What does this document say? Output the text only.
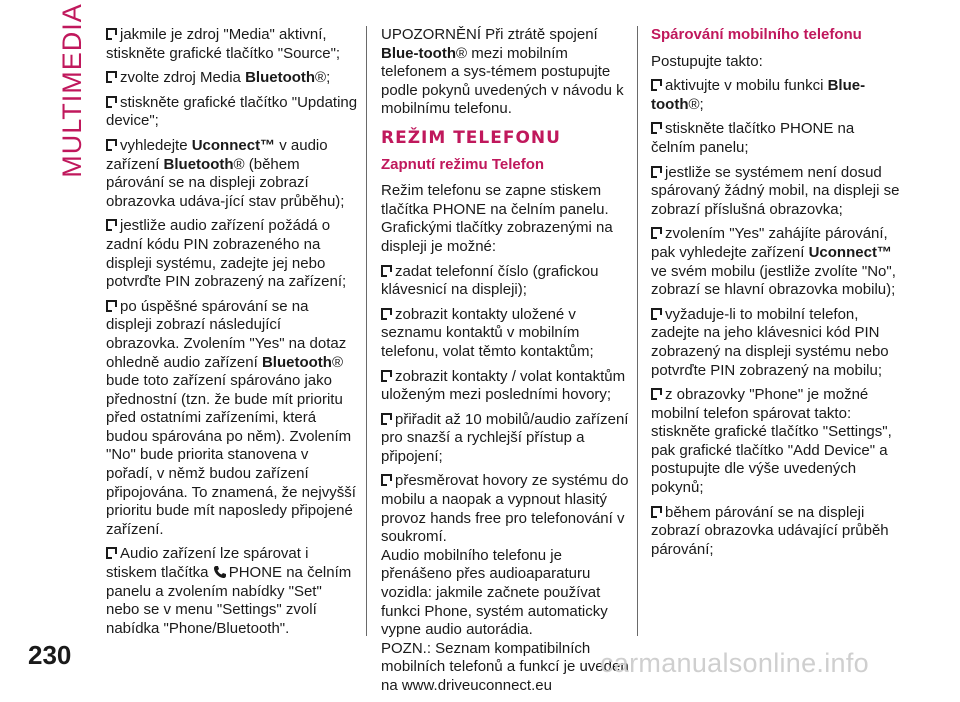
MULTIMEDIA
230

jakmile je zdroj "Media" aktivní, stiskněte grafické tlačítko "Source";

zvolte zdroj Media Bluetooth®;

stiskněte grafické tlačítko "Updating device";

vyhledejte Uconnect™ v audio zařízení Bluetooth® (během párování se na displeji zobrazí obrazovka udáva-jící stav průběhu);

jestliže audio zařízení požádá o zadní kódu PIN zobrazeného na displeji systému, zadejte jej nebo potvrďte PIN zobrazený na zařízení;

po úspěšné spárování se na displeji zobrazí následující obrazovka. Zvolením "Yes" na dotaz ohledně audio zařízení Bluetooth® bude toto zařízení spárováno jako přednostní (tzn. že bude mít prioritu před ostatními zařízeními, která budou spárována po něm). Zvolením "No" bude priorita stanovena v pořadí, v němž budou zařízení připojována. To znamená, že nejvyšší prioritu bude mít naposledy připojené zařízení.

Audio zařízení lze spárovat i stiskem tlačítka PHONE na čelním panelu a zvolením nabídky "Set" nebo se v menu "Settings" zvolí nabídka "Phone/Bluetooth".

UPOZORNĚNÍ Při ztrátě spojení Blue-tooth® mezi mobilním telefonem a sys-témem postupujte podle pokynů uvedených v návodu k mobilnímu telefonu.

REŽIM TELEFONU
Zapnutí režimu Telefon

Režim telefonu se zapne stiskem tlačítka PHONE na čelním panelu. Grafickými tlačítky zobrazenými na displeji je možné:

zadat telefonní číslo (grafickou klávesnicí na displeji);

zobrazit kontakty uložené v seznamu kontaktů v mobilním telefonu, volat těmto kontaktům;

zobrazit kontakty / volat kontaktům uloženým mezi posledními hovory;

přiřadit až 10 mobilů/audio zařízení pro snazší a rychlejší přístup a připojení;

přesměrovat hovory ze systému do mobilu a naopak a vypnout hlasitý provoz hands free pro telefonování v soukromí.

Audio mobilního telefonu je přenášeno přes audioaparaturu vozidla: jakmile začnete používat funkci Phone, systém automaticky vypne audio autorádia.

POZN.: Seznam kompatibilních mobilních telefonů a funkcí je uveden na www.driveuconnect.eu

Spárování mobilního telefonu

Postupujte takto:

aktivujte v mobilu funkci Blue-tooth®;

stiskněte tlačítko PHONE na čelním panelu;

jestliže se systémem není dosud spárovaný žádný mobil, na displeji se zobrazí příslušná obrazovka;

zvolením "Yes" zahájíte párování, pak vyhledejte zařízení Uconnect™ ve svém mobilu (jestliže zvolíte "No", zobrazí se hlavní obrazovka mobilu);

vyžaduje-li to mobilní telefon, zadejte na jeho klávesnici kód PIN zobrazený na displeji systému nebo potvrďte PIN zobrazený na mobilu;

z obrazovky "Phone" je možné mobilní telefon spárovat takto: stiskněte grafické tlačítko "Settings", pak grafické tlačítko "Add Device" a postupujte dle výše uvedených pokynů;

během párování se na displeji zobrazí obrazovka udávající průběh párování;

carmanualsonline.info
